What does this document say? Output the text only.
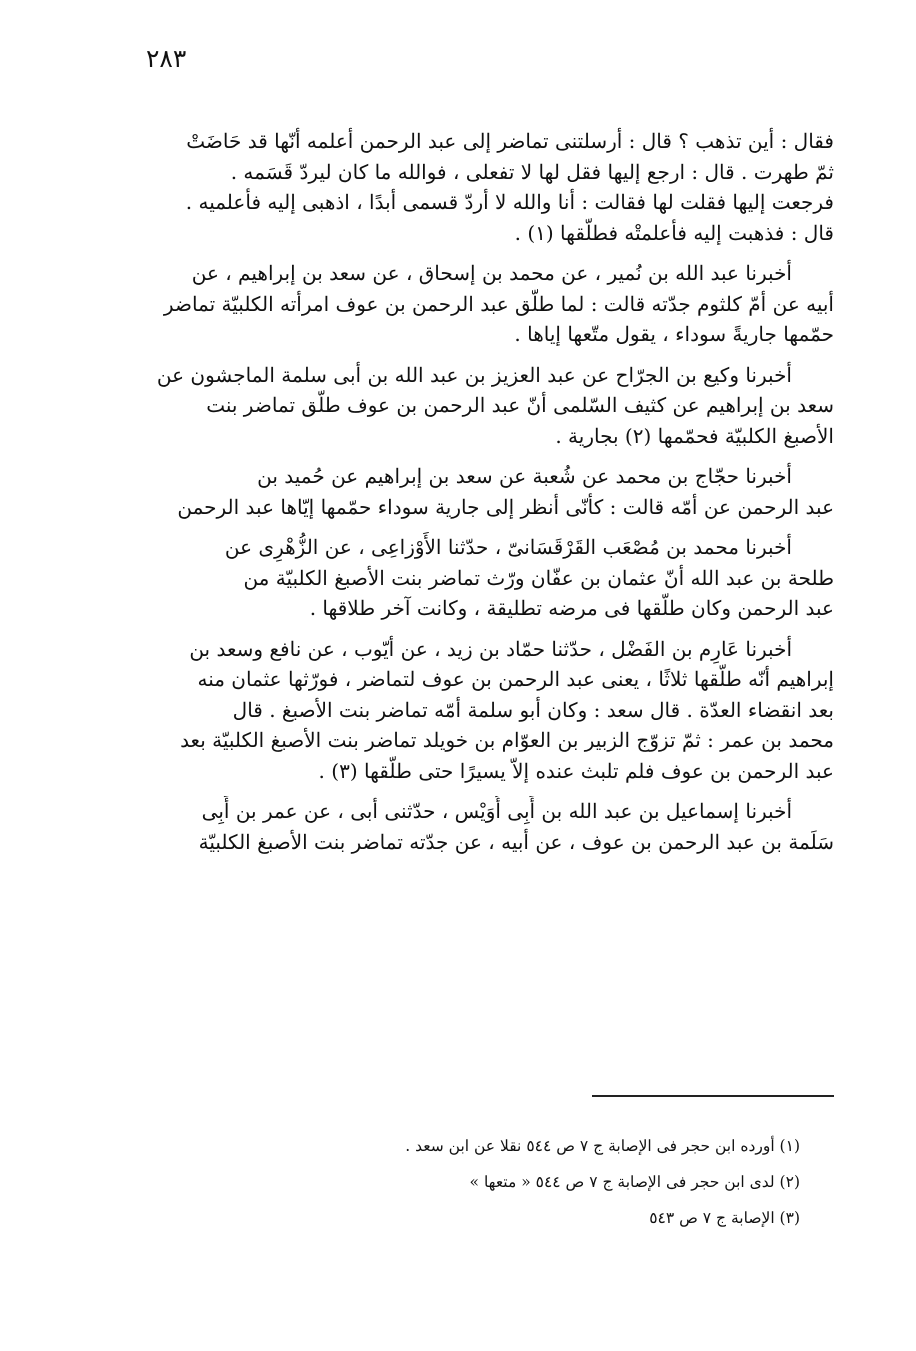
٢٨٣

فقال : أين تذهب ؟ قال : أرسلتنى تماضر إلى عبد الرحمن أعلمه أنّها قد حَاضَتْ
ثمّ طهرت . قال : ارجع إليها فقل لها لا تفعلى ، فوالله ما كان ليردّ قَسَمه .
فرجعت إليها فقلت لها فقالت : أنا والله لا أردّ قسمى أبدًا ، اذهبى إليه فأعلميه .
قال : فذهبت إليه فأعلمتْه فطلّقها (١) .

أخبرنا عبد الله بن نُمير ، عن محمد بن إسحاق ، عن سعد بن إبراهيم ، عن
أبيه عن أمّ كلثوم جدّته قالت : لما طلّق عبد الرحمن بن عوف امرأته الكلبيّة تماضر
حمّمها جاريةً سوداء ، يقول متّعها إياها .

أخبرنا وكيع بن الجرّاح عن عبد العزيز بن عبد الله بن أبى سلمة الماجشون عن
سعد بن إبراهيم عن كثيف السّلمى أنّ عبد الرحمن بن عوف طلّق تماضر بنت
الأصبغ الكلبيّة فحمّمها (٢) بجارية .

أخبرنا حجّاج بن محمد عن شُعبة عن سعد بن إبراهيم عن حُميد بن
عبد الرحمن عن أمّه قالت : كأنّى أنظر إلى جارية سوداء حمّمها إيّاها عبد الرحمن

أخبرنا محمد بن مُصْعَب القَرْقَسَانىّ ، حدّثنا الأَوْزاعِى ، عن الزُّهْرِى عن
طلحة بن عبد الله أنّ عثمان بن عفّان ورّث تماضر بنت الأصبغ الكلبيّة من
عبد الرحمن وكان طلّقها فى مرضه تطليقة ، وكانت آخر طلاقها .

أخبرنا عَارِم بن الفَضْل ، حدّثنا حمّاد بن زيد ، عن أيّوب ، عن نافع وسعد بن
إبراهيم أنّه طلّقها ثلاثًا ، يعنى عبد الرحمن بن عوف لتماضر ، فورّثها عثمان منه
بعد انقضاء العدّة . قال سعد : وكان أبو سلمة أمّه تماضر بنت الأصبغ . قال
محمد بن عمر : ثمّ تزوّج الزبير بن العوّام بن خويلد تماضر بنت الأصبغ الكلبيّة بعد
عبد الرحمن بن عوف فلم تلبث عنده إلاّ يسيرًا حتى طلّقها (٣) .

أخبرنا إسماعيل بن عبد الله بن أَبِى أُوَيْس ، حدّثنى أبى ، عن عمر بن أَبِى
سَلَمة بن عبد الرحمن بن عوف ، عن أبيه ، عن جدّته تماضر بنت الأصبغ الكلبيّة

(١) أورده ابن حجر فى الإصابة ج ٧ ص ٥٤٤ نقلا عن ابن سعد .
(٢) لدى ابن حجر فى الإصابة ج ٧ ص ٥٤٤ « متعها »
(٣) الإصابة ج ٧ ص ٥٤٣
